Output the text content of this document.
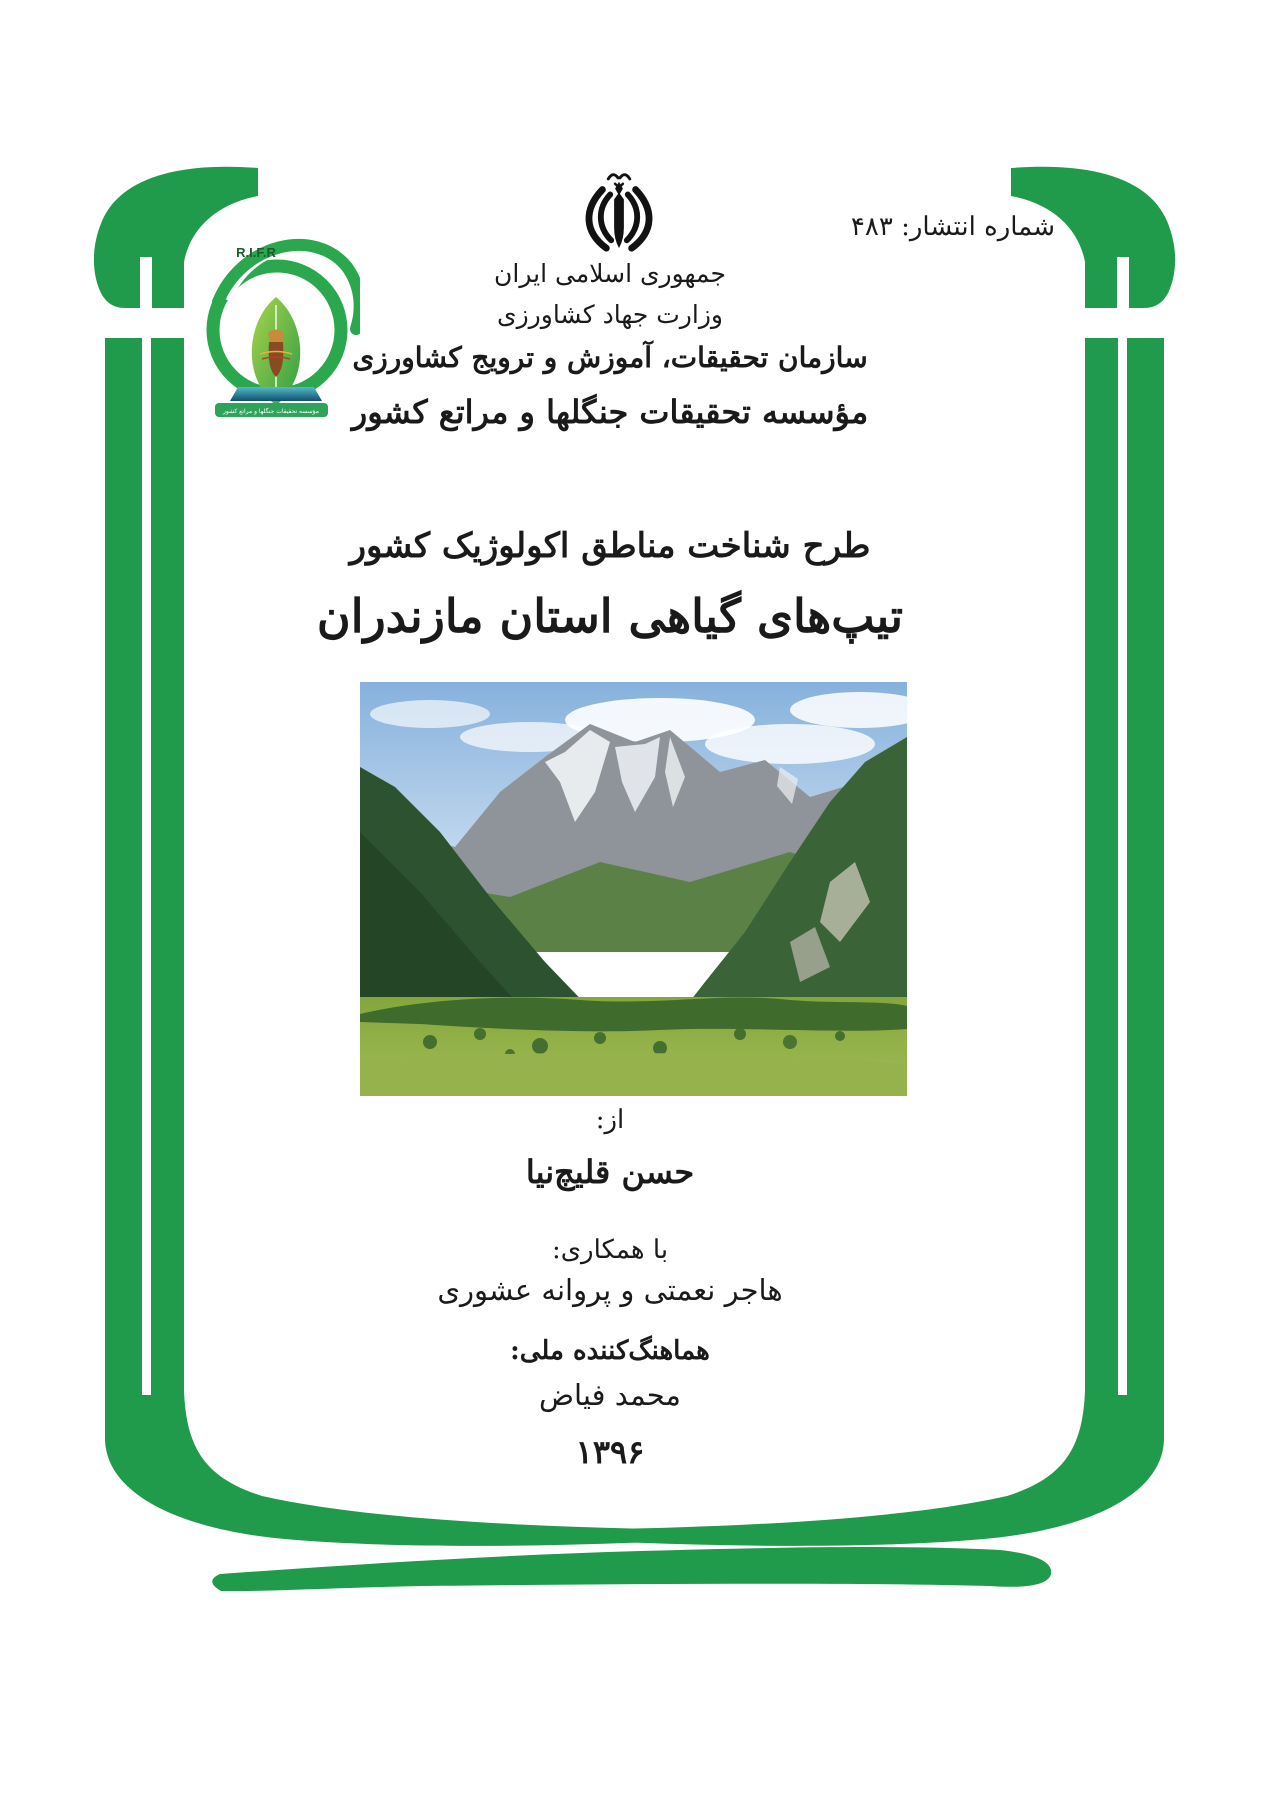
شماره انتشار: ۴۸۳
R.I.F.R
مؤسسه تحقیقات جنگلها و مراتع کشور
جمهوری اسلامی ایران
وزارت جهاد کشاورزی
سازمان تحقیقات، آموزش و ترویج کشاورزی
مؤسسه تحقیقات جنگلها و مراتع کشور
طرح شناخت مناطق اکولوژیک کشور
تیپ‌های گیاهی استان مازندران
از:
حسن قلیچ‌نیا
با همکاری:
هاجر نعمتی و پروانه عشوری
هماهنگ‌کننده ملی:
محمد فیاض
۱۳۹۶
